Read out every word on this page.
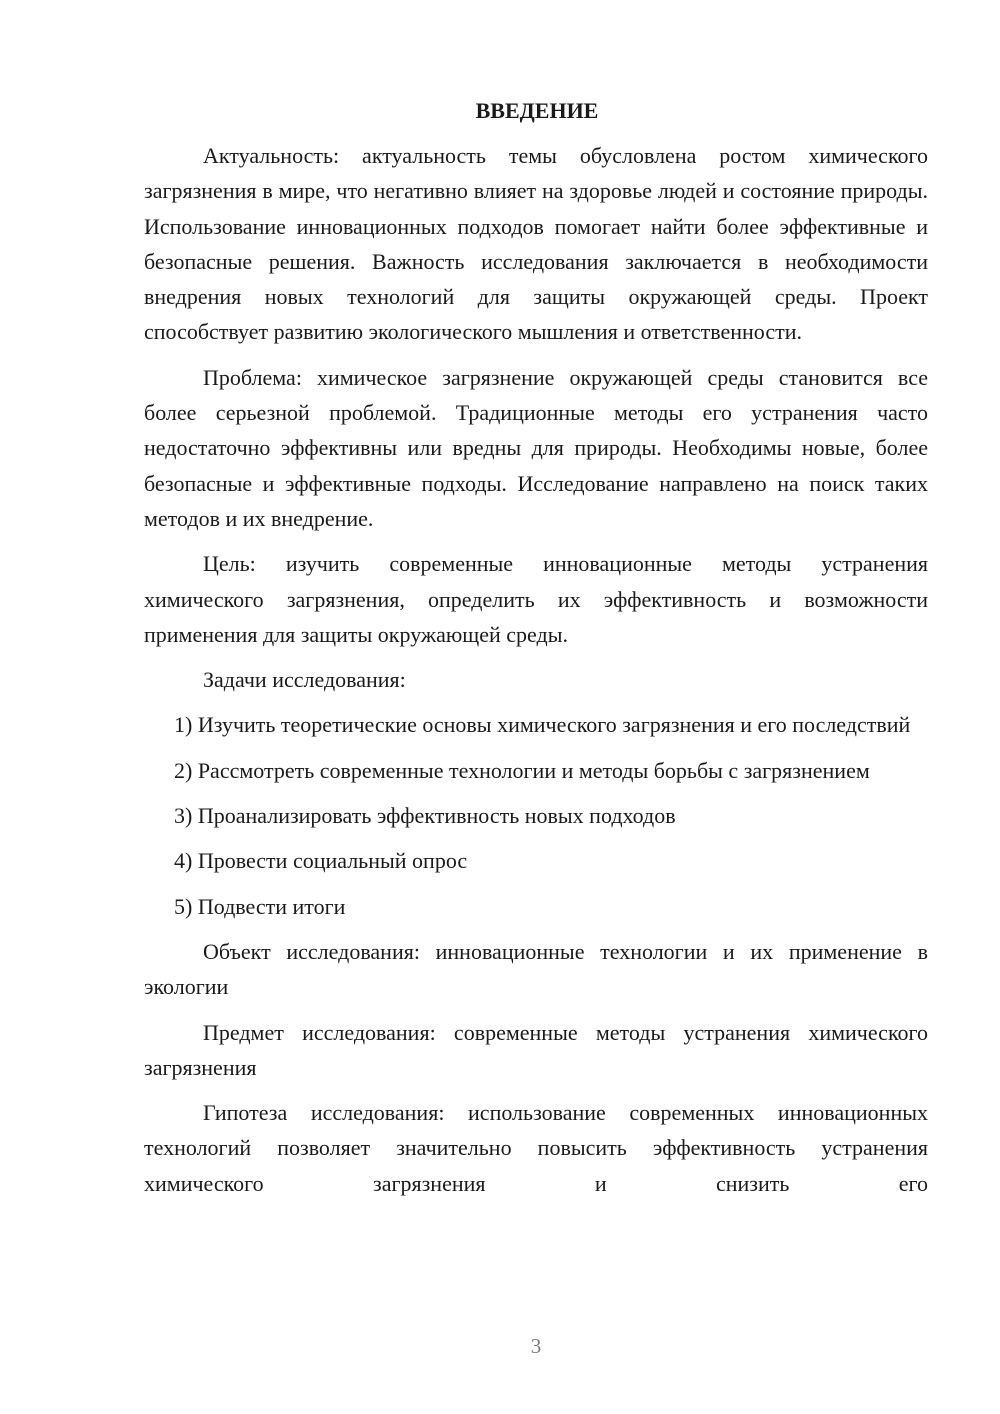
ВВЕДЕНИЕ

Актуальность: актуальность темы обусловлена ростом химического загрязнения в мире, что негативно влияет на здоровье людей и состояние природы. Использование инновационных подходов помогает найти более эффективные и безопасные решения. Важность исследования заключается в необходимости внедрения новых технологий для защиты окружающей среды. Проект способствует развитию экологического мышления и ответственности.

Проблема: химическое загрязнение окружающей среды становится все более серьезной проблемой. Традиционные методы его устранения часто недостаточно эффективны или вредны для природы. Необходимы новые, более безопасные и эффективные подходы. Исследование направлено на поиск таких методов и их внедрение.

Цель: изучить современные инновационные методы устранения химического загрязнения, определить их эффективность и возможности применения для защиты окружающей среды.

Задачи исследования:

1) Изучить теоретические основы химического загрязнения и его последствий

2) Рассмотреть современные технологии и методы борьбы с загрязнением

3) Проанализировать эффективность новых подходов

4) Провести социальный опрос

5) Подвести итоги

Объект исследования: инновационные технологии и их применение в экологии

Предмет исследования: современные методы устранения химического загрязнения

Гипотеза исследования: использование современных инновационных технологий позволяет значительно повысить эффективность устранения химического загрязнения и снизить его

3
